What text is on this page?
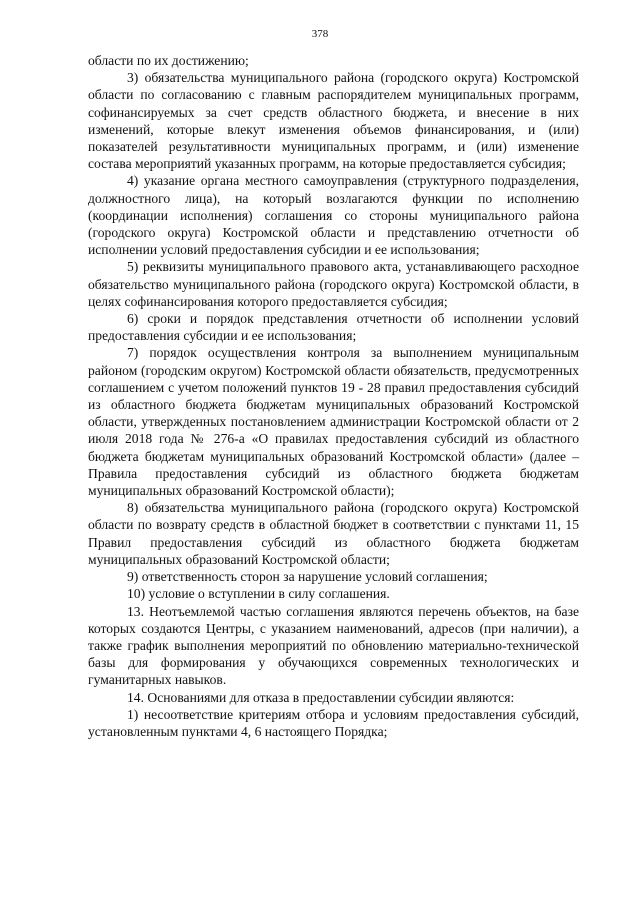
378

области по их достижению;

3) обязательства муниципального района (городского округа) Костромской области по согласованию с главным распорядителем муниципальных программ, софинансируемых за счет средств областного бюджета, и внесение в них изменений, которые влекут изменения объемов финансирования, и (или) показателей результативности муниципальных программ, и (или) изменение состава мероприятий указанных программ, на которые предоставляется субсидия;

4) указание органа местного самоуправления (структурного подразделения, должностного лица), на который возлагаются функции по исполнению (координации исполнения) соглашения со стороны муниципального района (городского округа) Костромской области и представлению отчетности об исполнении условий предоставления субсидии и ее использования;

5) реквизиты муниципального правового акта, устанавливающего расходное обязательство муниципального района (городского округа) Костромской области, в целях софинансирования которого предоставляется субсидия;

6) сроки и порядок представления отчетности об исполнении условий предоставления субсидии и ее использования;

7) порядок осуществления контроля за выполнением муниципальным районом (городским округом) Костромской области обязательств, предусмотренных соглашением с учетом положений пунктов 19 - 28 правил предоставления субсидий из областного бюджета бюджетам муниципальных образований Костромской области, утвержденных постановлением администрации Костромской области от 2 июля 2018 года № 276-а «О правилах предоставления субсидий из областного бюджета бюджетам муниципальных образований Костромской области» (далее – Правила предоставления субсидий из областного бюджета бюджетам муниципальных образований Костромской области);

8) обязательства муниципального района (городского округа) Костромской области по возврату средств в областной бюджет в соответствии с пунктами 11, 15 Правил предоставления субсидий из областного бюджета бюджетам муниципальных образований Костромской области;

9) ответственность сторон за нарушение условий соглашения;

10) условие о вступлении в силу соглашения.

13. Неотъемлемой частью соглашения являются перечень объектов, на базе которых создаются Центры, с указанием наименований, адресов (при наличии), а также график выполнения мероприятий по обновлению материально-технической базы для формирования у обучающихся современных технологических и гуманитарных навыков.

14. Основаниями для отказа в предоставлении субсидии являются:

1) несоответствие критериям отбора и условиям предоставления субсидий, установленным пунктами 4, 6 настоящего Порядка;
